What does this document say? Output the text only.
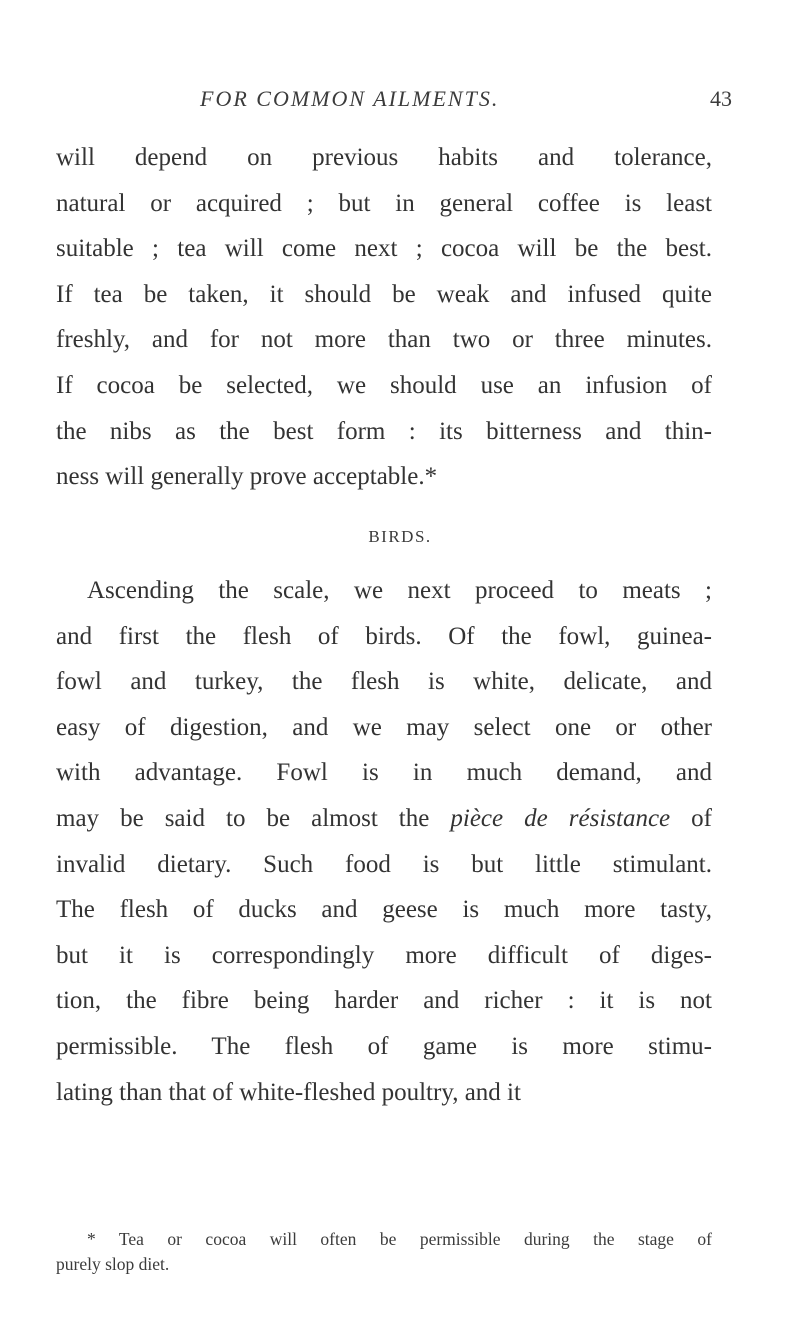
FOR COMMON AILMENTS.	43
will depend on previous habits and tolerance,
natural or acquired ; but in general coffee is least
suitable ; tea will come next ; cocoa will be the best.
If tea be taken, it should be weak and infused quite
freshly, and for not more than two or three minutes.
If cocoa be selected, we should use an infusion of
the nibs as the best form : its bitterness and thin-
ness will generally prove acceptable.*
BIRDS.
Ascending the scale, we next proceed to meats ;
and first the flesh of birds. Of the fowl, guinea-
fowl and turkey, the flesh is white, delicate, and
easy of digestion, and we may select one or other
with advantage. Fowl is in much demand, and
may be said to be almost the pièce de résistance of
invalid dietary. Such food is but little stimulant.
The flesh of ducks and geese is much more tasty,
but it is correspondingly more difficult of diges-
tion, the fibre being harder and richer : it is not
permissible. The flesh of game is more stimu-
lating than that of white-fleshed poultry, and it
* Tea or cocoa will often be permissible during the stage of
purely slop diet.
